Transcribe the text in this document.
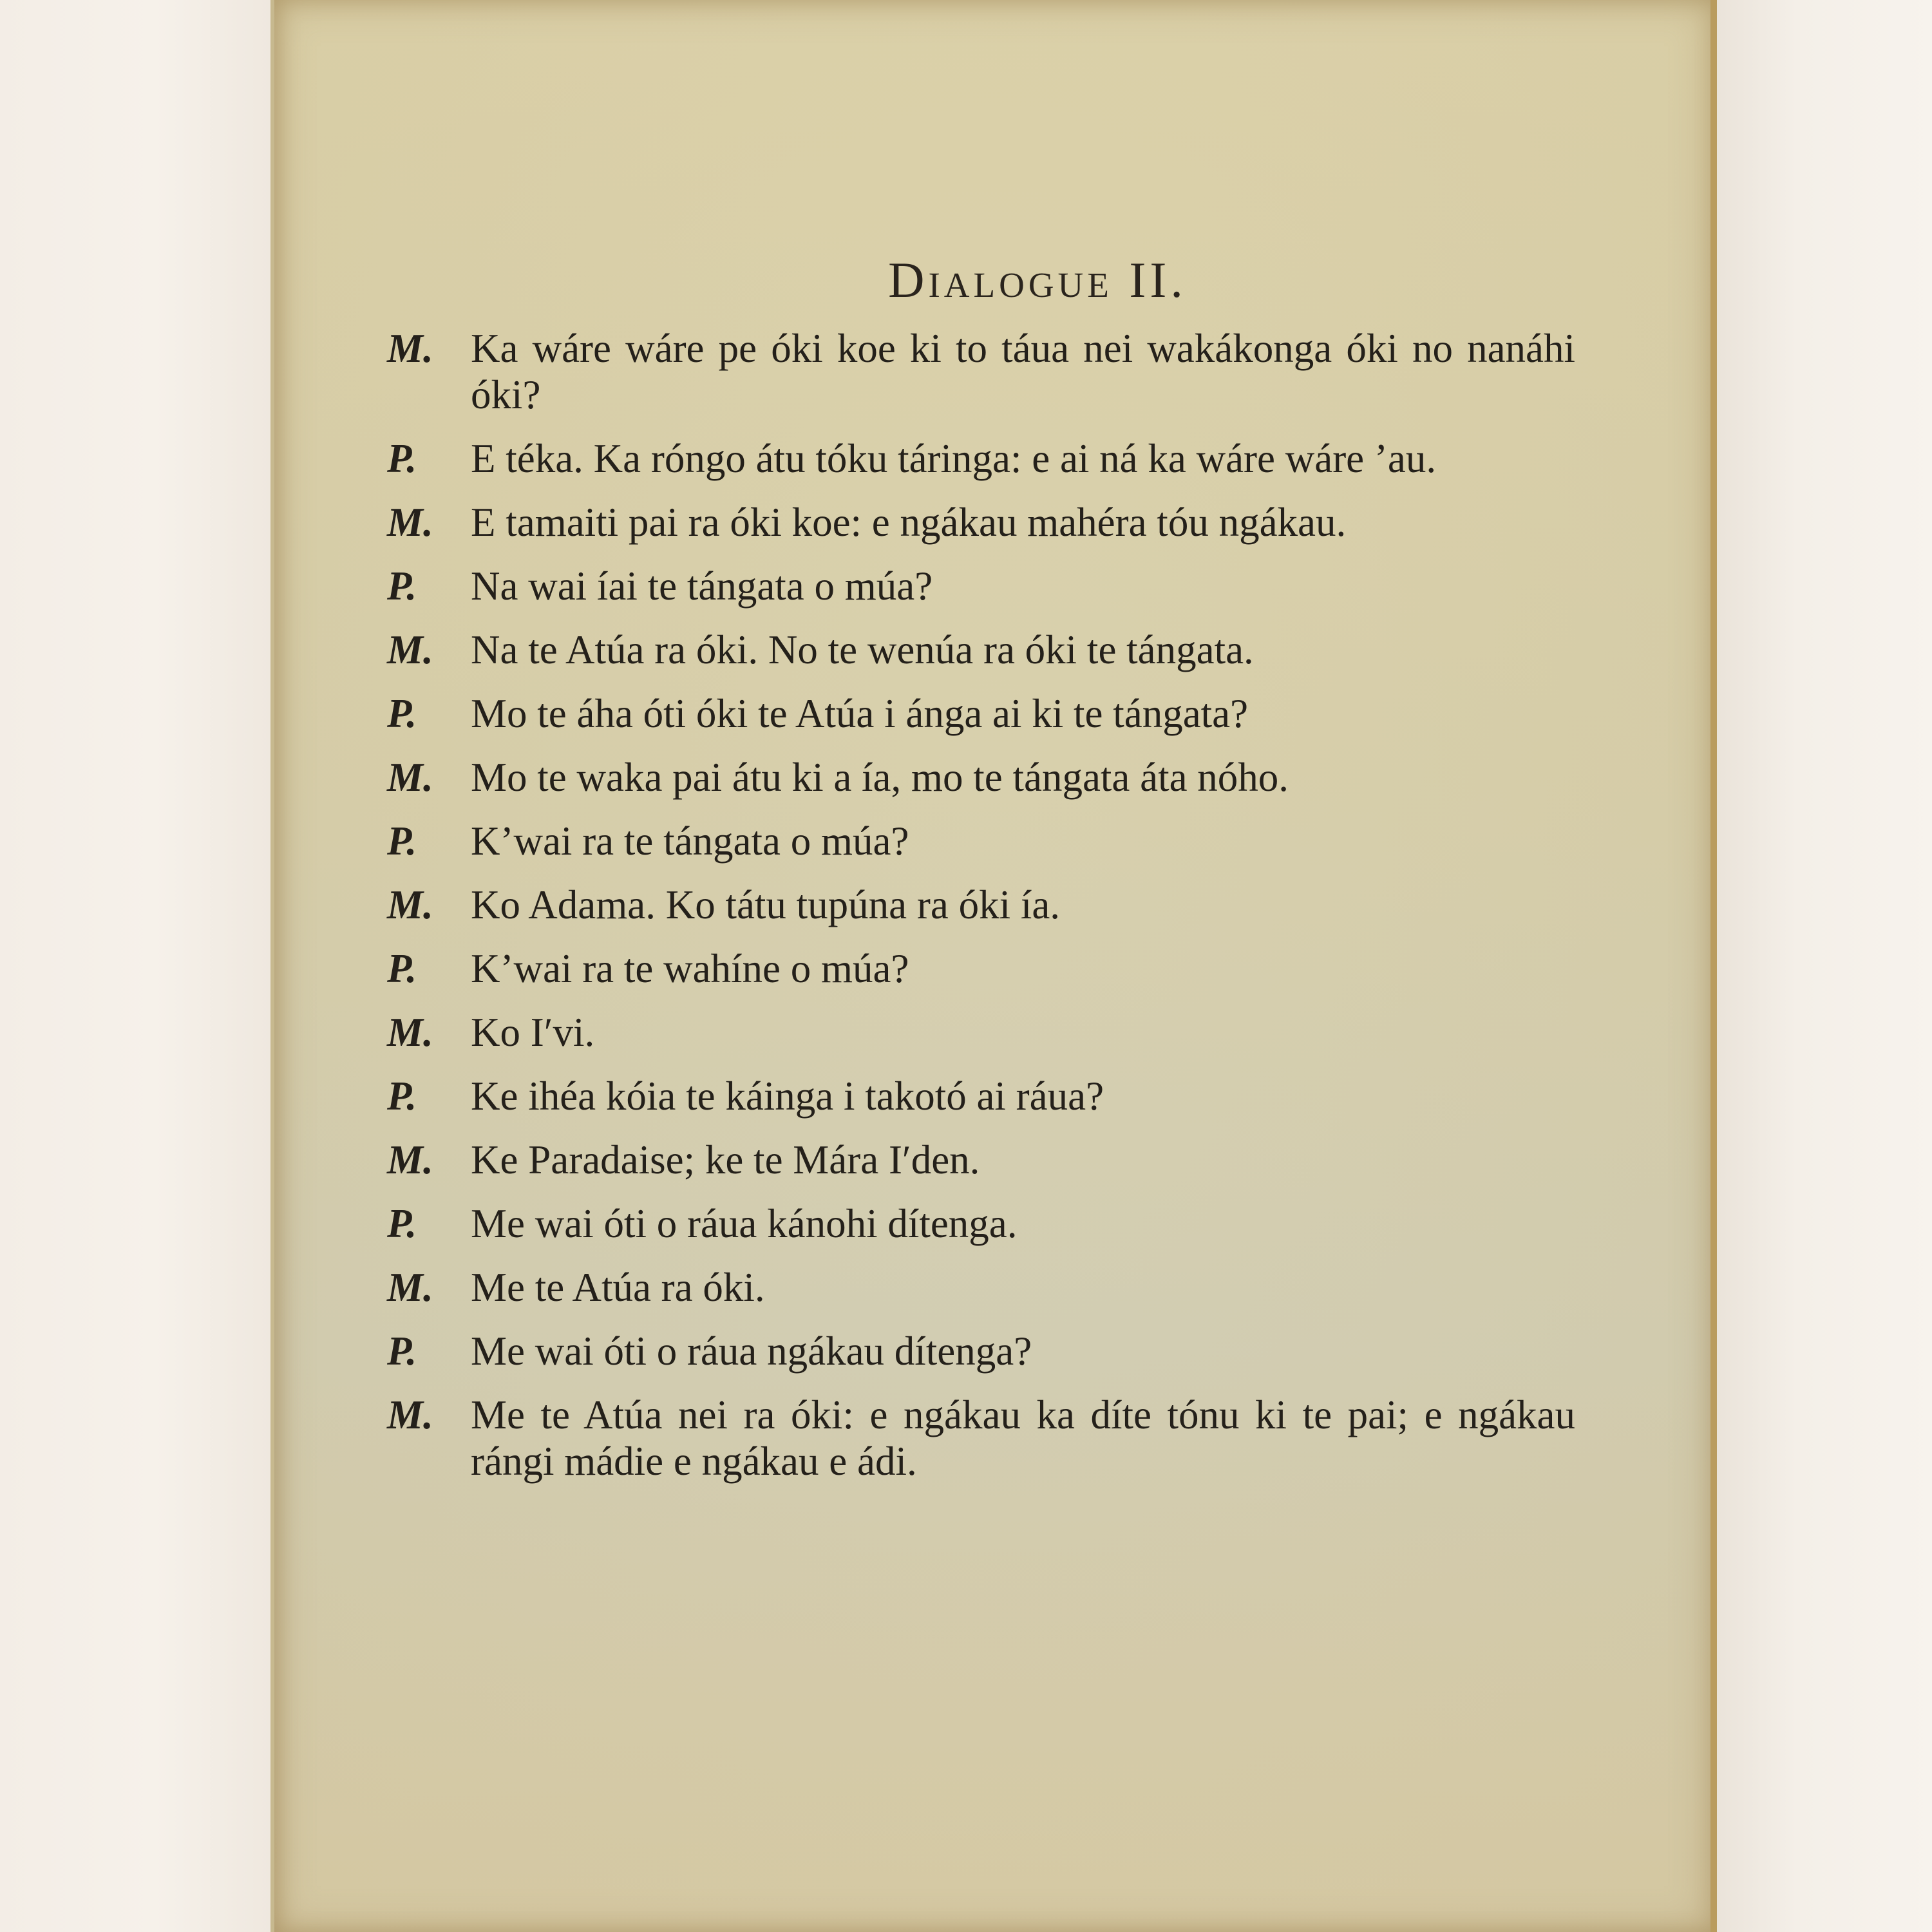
Dialogue II.
M. Ka wáre wáre pe óki koe ki to táua nei wakákonga óki no nanáhi óki?
P. E téka. Ka róngo átu tóku táringa: e ai ná ka wáre wáre ’au.
M. E tamaiti pai ra óki koe: e ngákau mahéra tóu ngákau.
P. Na wai íai te tángata o múa?
M. Na te Atúa ra óki. No te wenúa ra óki te tángata.
P. Mo te áha óti óki te Atúa i ánga ai ki te tángata?
M. Mo te waka pai átu ki a ía, mo te tángata áta nóho.
P. K’wai ra te tángata o múa?
M. Ko Adama. Ko tátu tupúna ra óki ía.
P. K’wai ra te wahíne o múa?
M. Ko I′vi.
P. Ke ihéa kóia te káinga i takotó ai ráua?
M. Ke Paradaise; ke te Mára I′den.
P. Me wai óti o ráua kánohi dítenga.
M. Me te Atúa ra óki.
P. Me wai óti o ráua ngákau dítenga?
M. Me te Atúa nei ra óki: e ngákau ka díte tónu ki te pai; e ngákau rángi mádie e ngákau e ádi.
